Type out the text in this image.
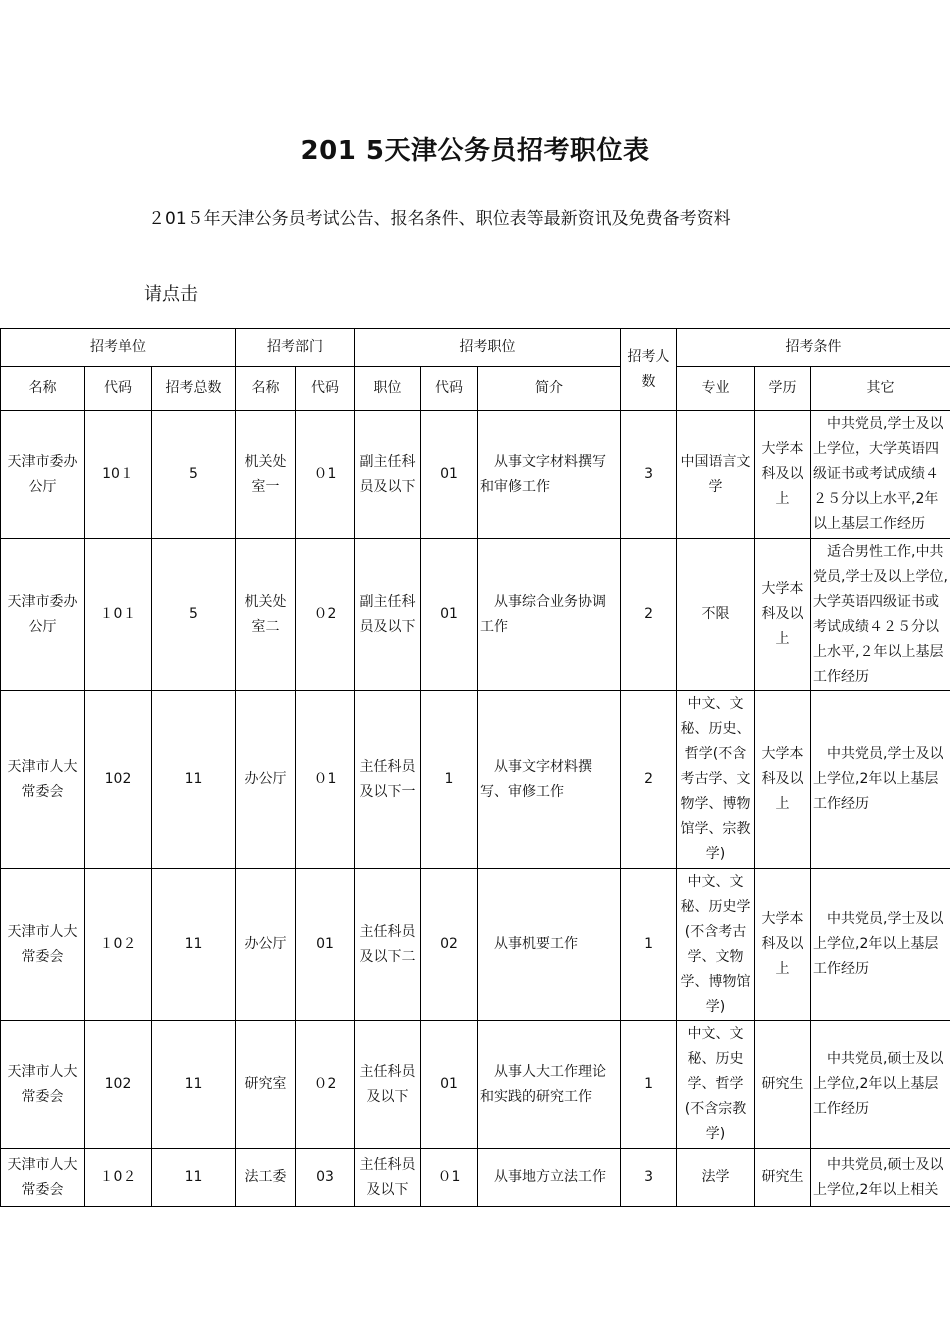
201 5天津公务员招考职位表
２01５年天津公务员考试公告、报名条件、职位表等最新资讯及免费备考资料
请点击
招考单位			招考部门		招考职位			招考人数	招考条件		
名称	代码	招考总数	名称	代码	职位	代码	简介		专业	学历	其它
天津市委办公厅	10１	5	机关处室一	０1	副主任科员及以下	01	从事文字材料撰写和审修工作	3	中国语言文学	大学本科及以上	中共党员,学士及以上学位，大学英语四级证书或考试成绩４２５分以上水平,2年以上基层工作经历
天津市委办公厅	１0１	5	机关处室二	０2	副主任科员及以下	01	从事综合业务协调工作	2	不限	大学本科及以上	适合男性工作,中共党员,学士及以上学位,大学英语四级证书或考试成绩４２５分以上水平,２年以上基层工作经历
天津市人大常委会	102	11	办公厅	０1	主任科员及以下一	1	从事文字材料撰写、审修工作	2	中文、文秘、历史、哲学(不含考古学、文物学、博物馆学、宗教学)	大学本科及以上	中共党员,学士及以上学位,2年以上基层工作经历
天津市人大常委会	１0２	11	办公厅	01	主任科员及以下二	02	从事机要工作	1	中文、文秘、历史学(不含考古学、文物学、博物馆学)	大学本科及以上	中共党员,学士及以上学位,2年以上基层工作经历
天津市人大常委会	102	11	研究室	０2	主任科员及以下	01	从事人大工作理论和实践的研究工作	1	中文、文秘、历史学、哲学(不含宗教学)	研究生	中共党员,硕士及以上学位,2年以上基层工作经历
天津市人大常委会	１0２	11	法工委	03	主任科员及以下	０1	从事地方立法工作	3	法学	研究生	中共党员,硕士及以上学位,2年以上相关
